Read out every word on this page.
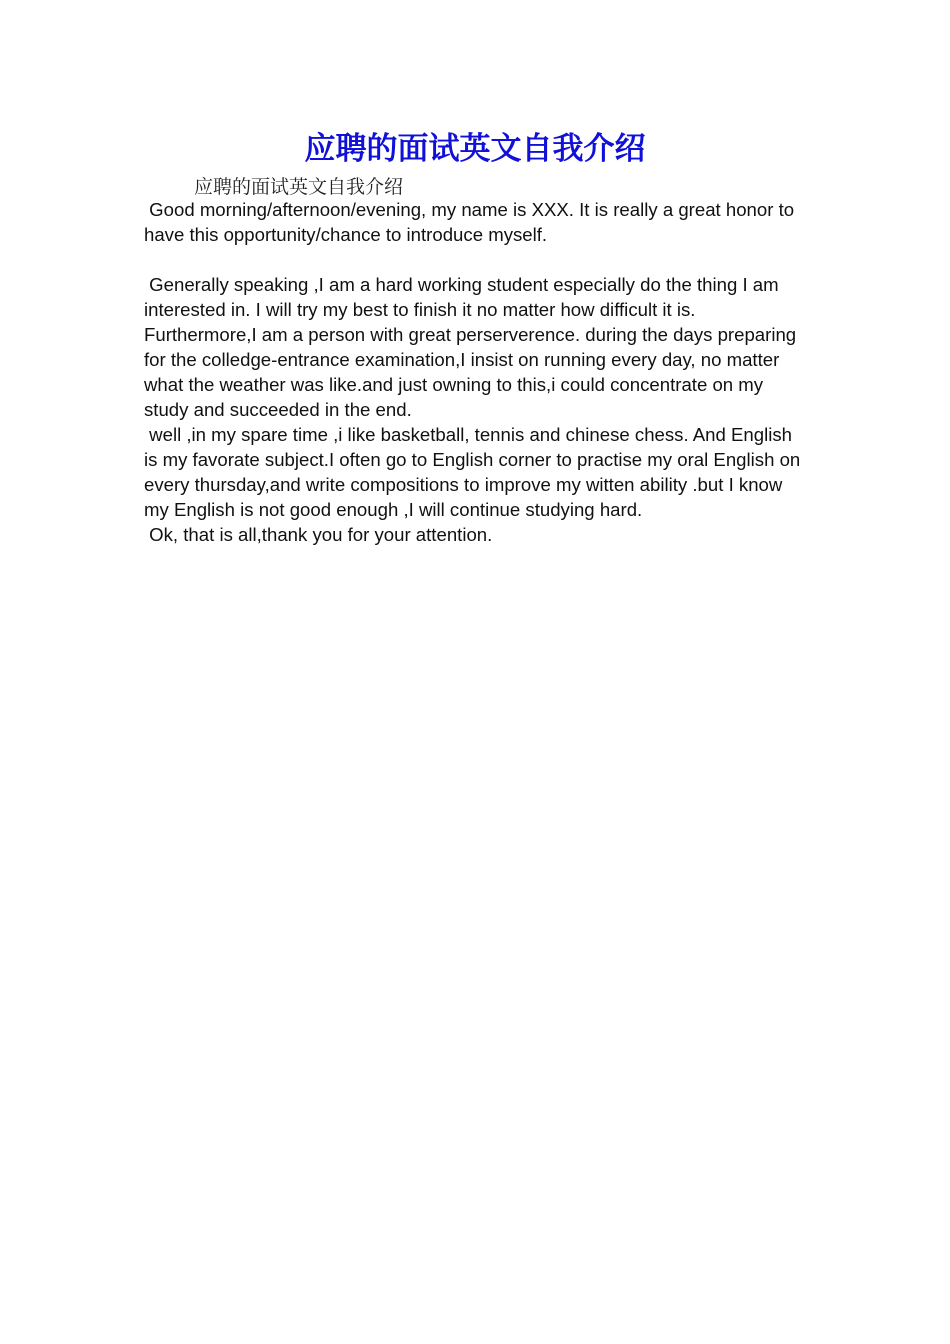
应聘的面试英文自我介绍

应聘的面试英文自我介绍

Good morning/afternoon/evening, my name is XXX. It is really a great honor to have this opportunity/chance to introduce myself.

Generally speaking ,I am a hard working student especially do the thing I am interested in. I will try my best to finish it no matter how difficult it is. Furthermore,I am a person with great perserverence. during the days preparing for the colledge-entrance examination,I insist on running every day, no matter what the weather was like.and just owning to this,i could concentrate on my study and succeeded in the end.

well ,in my spare time ,i like basketball, tennis and chinese chess. And English is my favorate subject.I often go to English corner to practise my oral English on every thursday,and write compositions to improve my witten ability .but I know my English is not good enough ,I will continue studying hard.

Ok, that is all,thank you for your attention.
